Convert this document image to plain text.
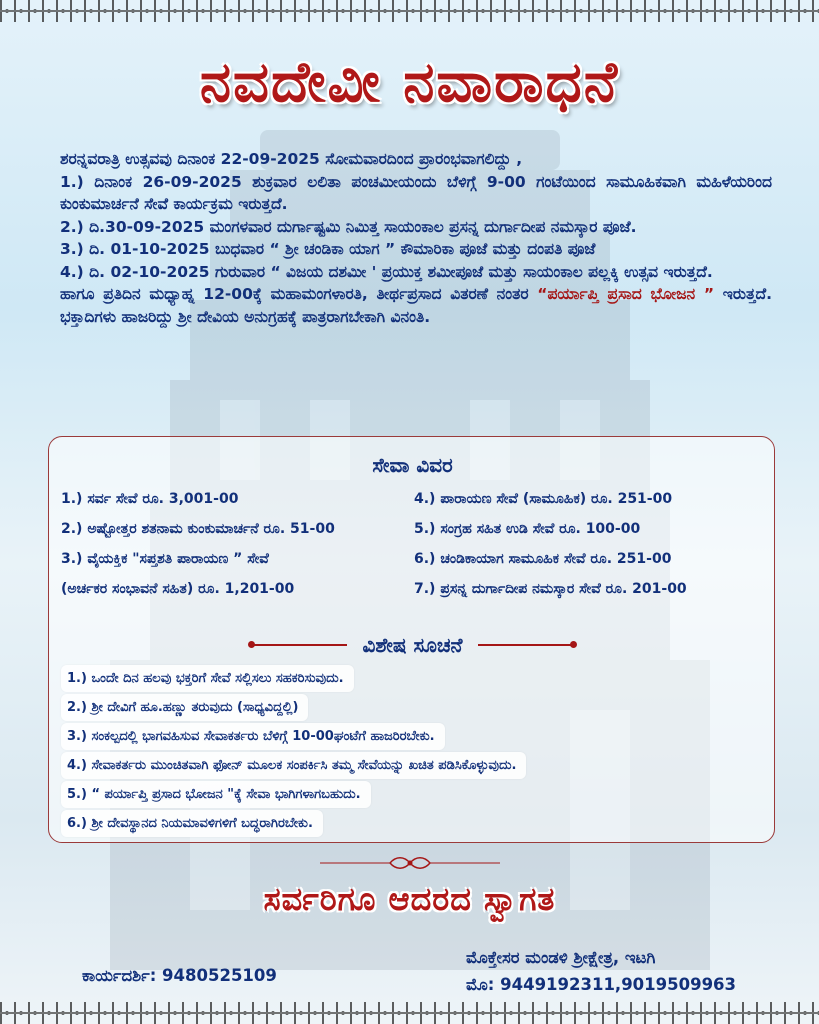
ನವದೇವೀ ನವಾರಾಧನೆ

ಶರನ್ನವರಾತ್ರಿ ಉತ್ಸವವು ದಿನಾಂಕ 22-09-2025 ಸೋಮವಾರದಿಂದ ಪ್ರಾರಂಭವಾಗಲಿದ್ದು ,

1.) ದಿನಾಂಕ 26-09-2025 ಶುಕ್ರವಾರ ಲಲಿತಾ ಪಂಚಮೀಯಂದು ಬೆಳಿಗ್ಗೆ 9-00 ಗಂಟೆಯಿಂದ ಸಾಮೂಹಿಕವಾಗಿ ಮಹಿಳೆಯರಿಂದ ಕುಂಕುಮಾರ್ಚನೆ ಸೇವೆ ಕಾರ್ಯಕ್ರಮ ಇರುತ್ತದೆ.

2.) ದಿ.30-09-2025 ಮಂಗಳವಾರ ದುರ್ಗಾಷ್ಟಮಿ ನಿಮಿತ್ತ ಸಾಯಂಕಾಲ ಪ್ರಸನ್ನ ದುರ್ಗಾದೀಪ ನಮಸ್ಕಾರ ಪೂಜೆ.

3.) ದಿ. 01-10-2025 ಬುಧವಾರ “ ಶ್ರೀ ಚಂಡಿಕಾ ಯಾಗ ” ಕೌಮಾರಿಕಾ ಪೂಜೆ ಮತ್ತು ದಂಪತಿ ಪೂಜೆ

4.) ದಿ. 02-10-2025 ಗುರುವಾರ “ ವಿಜಯ ದಶಮೀ ' ಪ್ರಯುಕ್ತ ಶಮೀಪೂಜೆ ಮತ್ತು ಸಾಯಂಕಾಲ ಪಲ್ಲಕ್ಕಿ ಉತ್ಸವ ಇರುತ್ತದೆ.

ಹಾಗೂ ಪ್ರತಿದಿನ ಮಧ್ಯಾಹ್ನ 12-00ಕ್ಕೆ ಮಹಾಮಂಗಳಾರತಿ, ತೀರ್ಥಪ್ರಸಾದ ವಿತರಣೆ ನಂತರ “ಪರ್ಯಾಪ್ತಿ ಪ್ರಸಾದ ಭೋಜನ ” ಇರುತ್ತದೆ. ಭಕ್ತಾದಿಗಳು ಹಾಜರಿದ್ದು ಶ್ರೀ ದೇವಿಯ ಅನುಗ್ರಹಕ್ಕೆ ಪಾತ್ರರಾಗಬೇಕಾಗಿ ವಿನಂತಿ.

ಸೇವಾ ವಿವರ
1.) ಸರ್ವ ಸೇವೆ ರೂ. 3,001-00
2.) ಅಷ್ಟೋತ್ತರ ಶತನಾಮ ಕುಂಕುಮಾರ್ಚನೆ ರೂ. 51-00
3.) ವೈಯಕ್ತಿಕ "ಸಪ್ತಶತಿ ಪಾರಾಯಣ ” ಸೇವೆ
(ಅರ್ಚಕರ ಸಂಭಾವನೆ ಸಹಿತ) ರೂ. 1,201-00
4.) ಪಾರಾಯಣ ಸೇವೆ (ಸಾಮೂಹಿಕ) ರೂ. 251-00
5.) ಸಂಗ್ರಹ ಸಹಿತ ಉಡಿ ಸೇವೆ ರೂ. 100-00
6.) ಚಂಡಿಕಾಯಾಗ ಸಾಮೂಹಿಕ ಸೇವೆ ರೂ. 251-00
7.) ಪ್ರಸನ್ನ ದುರ್ಗಾದೀಪ ನಮಸ್ಕಾರ ಸೇವೆ ರೂ. 201-00
ವಿಶೇಷ ಸೂಚನೆ
1.) ಒಂದೇ ದಿನ ಹಲವು ಭಕ್ತರಿಗೆ ಸೇವೆ ಸಲ್ಲಿಸಲು ಸಹಕರಿಸುವುದು.
2.) ಶ್ರೀ ದೇವಿಗೆ ಹೂ.ಹಣ್ಣು ತರುವುದು (ಸಾಧ್ಯವಿದ್ದಲ್ಲಿ)
3.) ಸಂಕಲ್ಪದಲ್ಲಿ ಭಾಗವಹಿಸುವ ಸೇವಾಕರ್ತರು ಬೆಳಿಗ್ಗೆ 10-00ಘಂಟೆಗೆ ಹಾಜರಿರಬೇಕು.
4.) ಸೇವಾಕರ್ತರು ಮುಂಚಿತವಾಗಿ ಫೋನ್ ಮೂಲಕ ಸಂಪರ್ಕಿಸಿ ತಮ್ಮ ಸೇವೆಯನ್ನು ಖಚಿತ ಪಡಿಸಿಕೊಳ್ಳುವುದು.
5.) “ ಪರ್ಯಾಪ್ತಿ ಪ್ರಸಾದ ಭೋಜನ "ಕ್ಕೆ ಸೇವಾ ಭಾಗಿಗಳಾಗಬಹುದು.
6.) ಶ್ರೀ ದೇವಸ್ಥಾನದ ನಿಯಮಾವಳಿಗಳಿಗೆ ಬದ್ಧರಾಗಿರಬೇಕು.
ಸರ್ವರಿಗೂ ಆದರದ ಸ್ವಾಗತ
ಕಾರ್ಯದರ್ಶಿ: 9480525109
ಮೊಕ್ತೇಸರ ಮಂಡಳಿ ಶ್ರೀಕ್ಷೇತ್ರ, ಇಟಗಿ
ಮೊ: 9449192311,9019509963
